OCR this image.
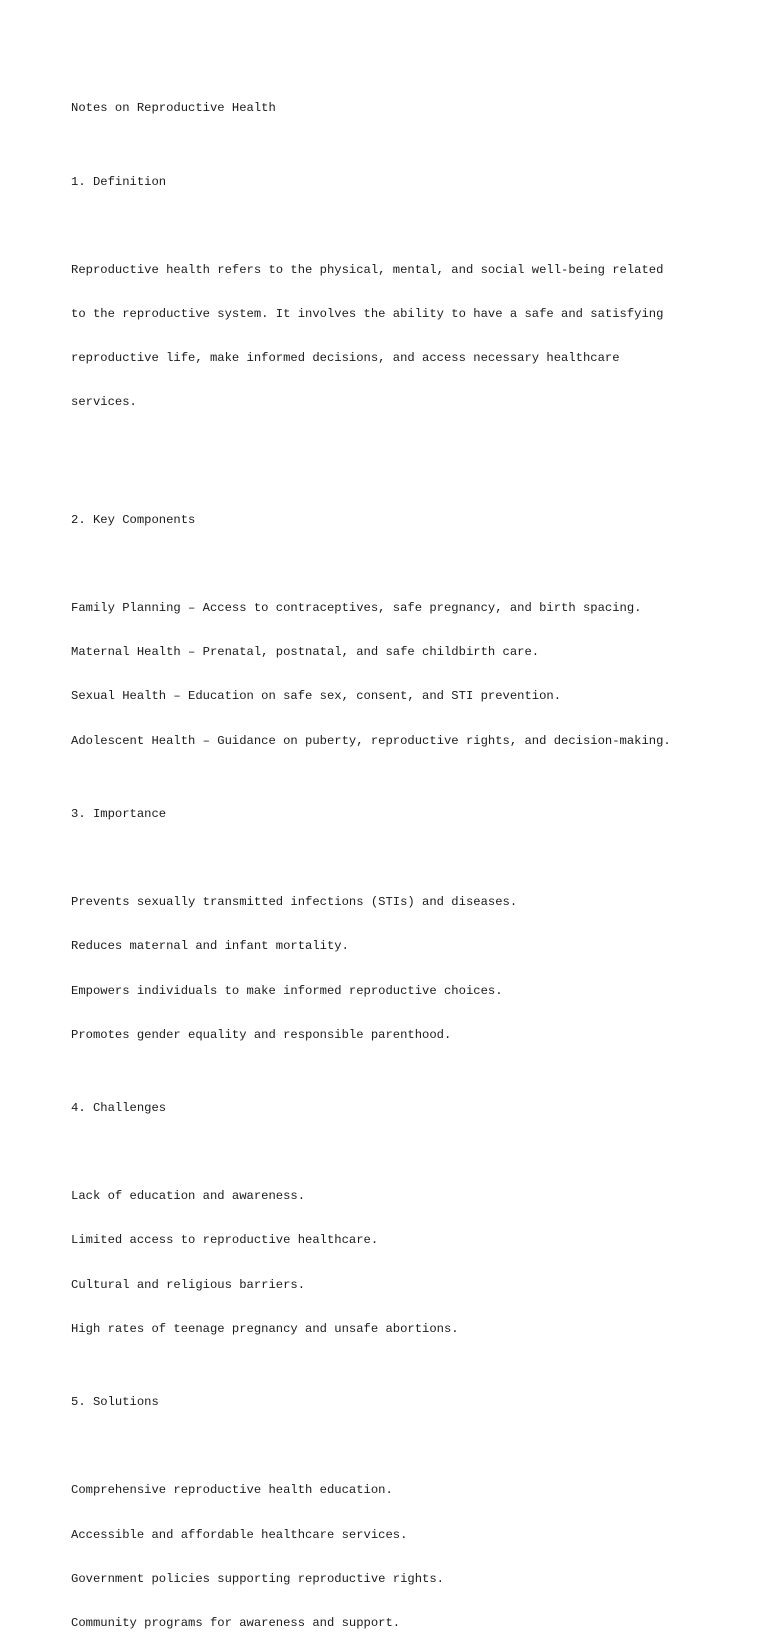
Notes on Reproductive Health

1. Definition

Reproductive health refers to the physical, mental, and social well-being related

to the reproductive system. It involves the ability to have a safe and satisfying

reproductive life, make informed decisions, and access necessary healthcare

services.

2. Key Components

Family Planning – Access to contraceptives, safe pregnancy, and birth spacing.

Maternal Health – Prenatal, postnatal, and safe childbirth care.

Sexual Health – Education on safe sex, consent, and STI prevention.

Adolescent Health – Guidance on puberty, reproductive rights, and decision-making.

3. Importance

Prevents sexually transmitted infections (STIs) and diseases.

Reduces maternal and infant mortality.

Empowers individuals to make informed reproductive choices.

Promotes gender equality and responsible parenthood.

4. Challenges

Lack of education and awareness.

Limited access to reproductive healthcare.

Cultural and religious barriers.

High rates of teenage pregnancy and unsafe abortions.

5. Solutions

Comprehensive reproductive health education.

Accessible and affordable healthcare services.

Government policies supporting reproductive rights.

Community programs for awareness and support.
